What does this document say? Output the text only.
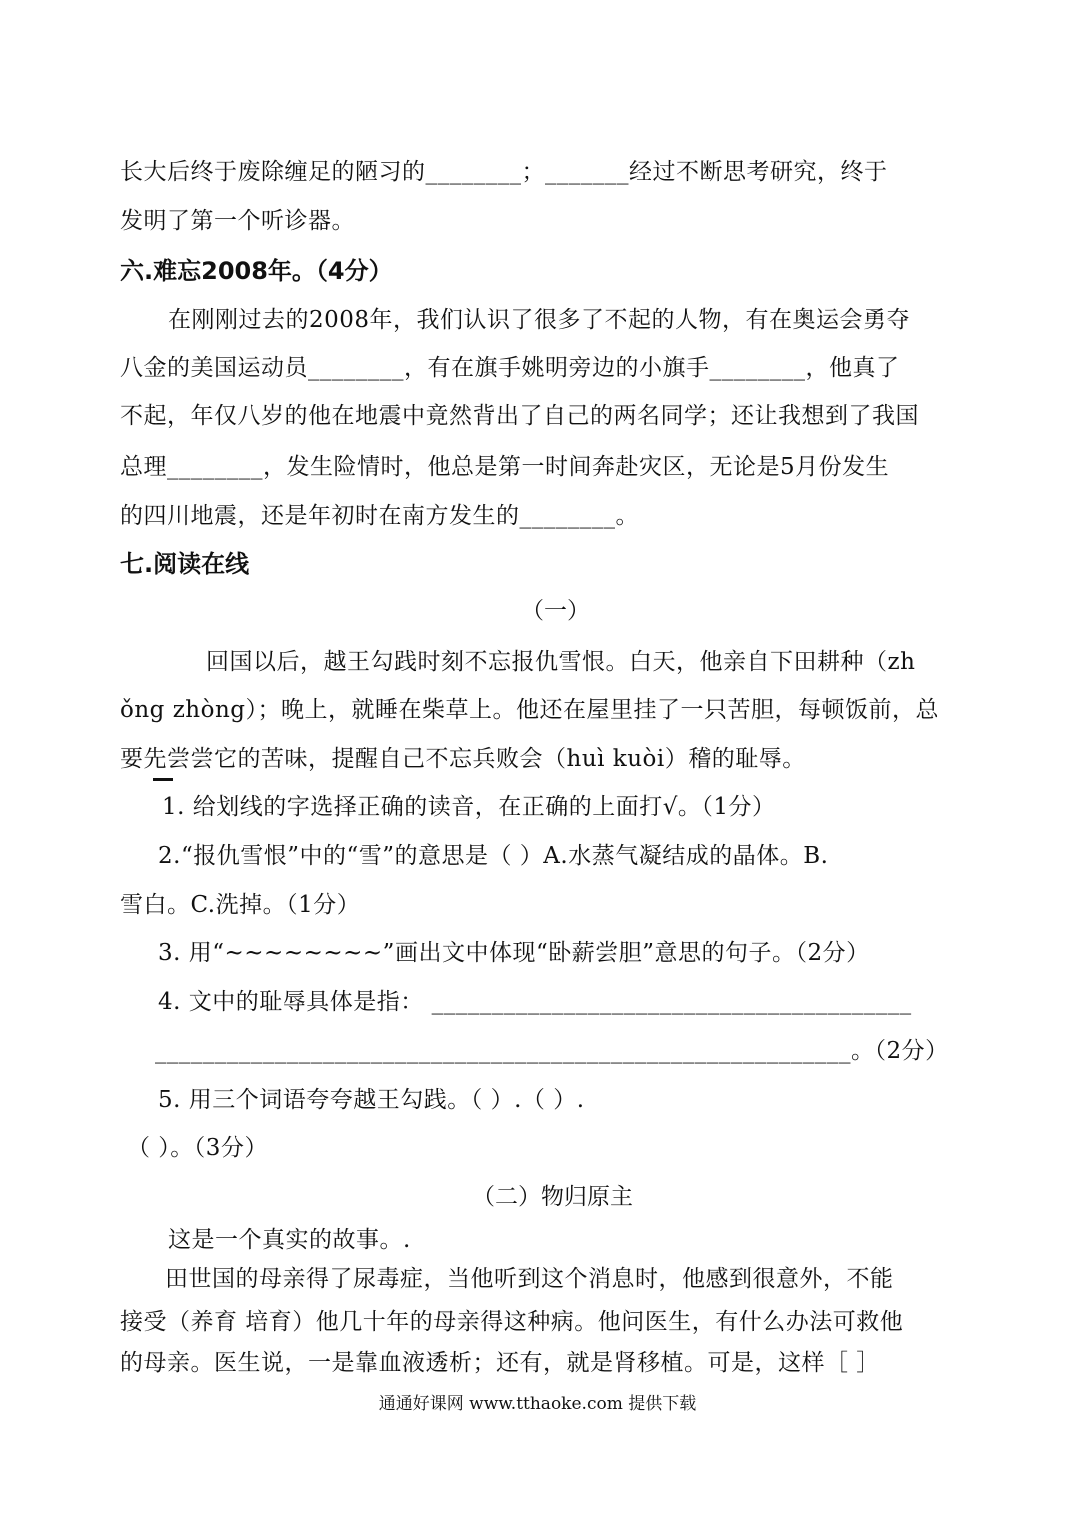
长大后终于废除缠足的陋习的________；_______经过不断思考研究，终于
发明了第一个听诊器。
六.难忘2008年。（4分）
在刚刚过去的2008年，我们认识了很多了不起的人物，有在奥运会勇夺
八金的美国运动员________，有在旗手姚明旁边的小旗手________，他真了
不起，年仅八岁的他在地震中竟然背出了自己的两名同学；还让我想到了我国
总理________，发生险情时，他总是第一时间奔赴灾区，无论是5月份发生
的四川地震，还是年初时在南方发生的________。
七.阅读在线
（一）
回国以后，越王勾践时刻不忘报仇雪恨。白天，他亲自下田耕种（zh
ǒng zhòng）；晚上，就睡在柴草上。他还在屋里挂了一只苦胆，每顿饭前，总
要先尝尝它的苦味，提醒自己不忘兵败会（huì kuòi）稽的耻辱。
1. 给划线的字选择正确的读音，在正确的上面打√。（1分）
2.“报仇雪恨”中的“雪”的意思是（ ）A.水蒸气凝结成的晶体。B.
雪白。C.洗掉。（1分）
3. 用“~~~~~~~~”画出文中体现“卧薪尝胆”意思的句子。（2分）
4. 文中的耻辱具体是指： ________________________________________
__________________________________________________________。（2分）
5. 用三个词语夸夸越王勾践。（ ）.（ ）.
（ ）。（3分）
（二）物归原主
这是一个真实的故事。.
田世国的母亲得了尿毒症，当他听到这个消息时，他感到很意外，不能
接受（养育 培育）他几十年的母亲得这种病。他问医生，有什么办法可救他
的母亲。医生说，一是靠血液透析；还有，就是肾移植。可是，这样［ ］
通通好课网 www.tthaoke.com 提供下载
